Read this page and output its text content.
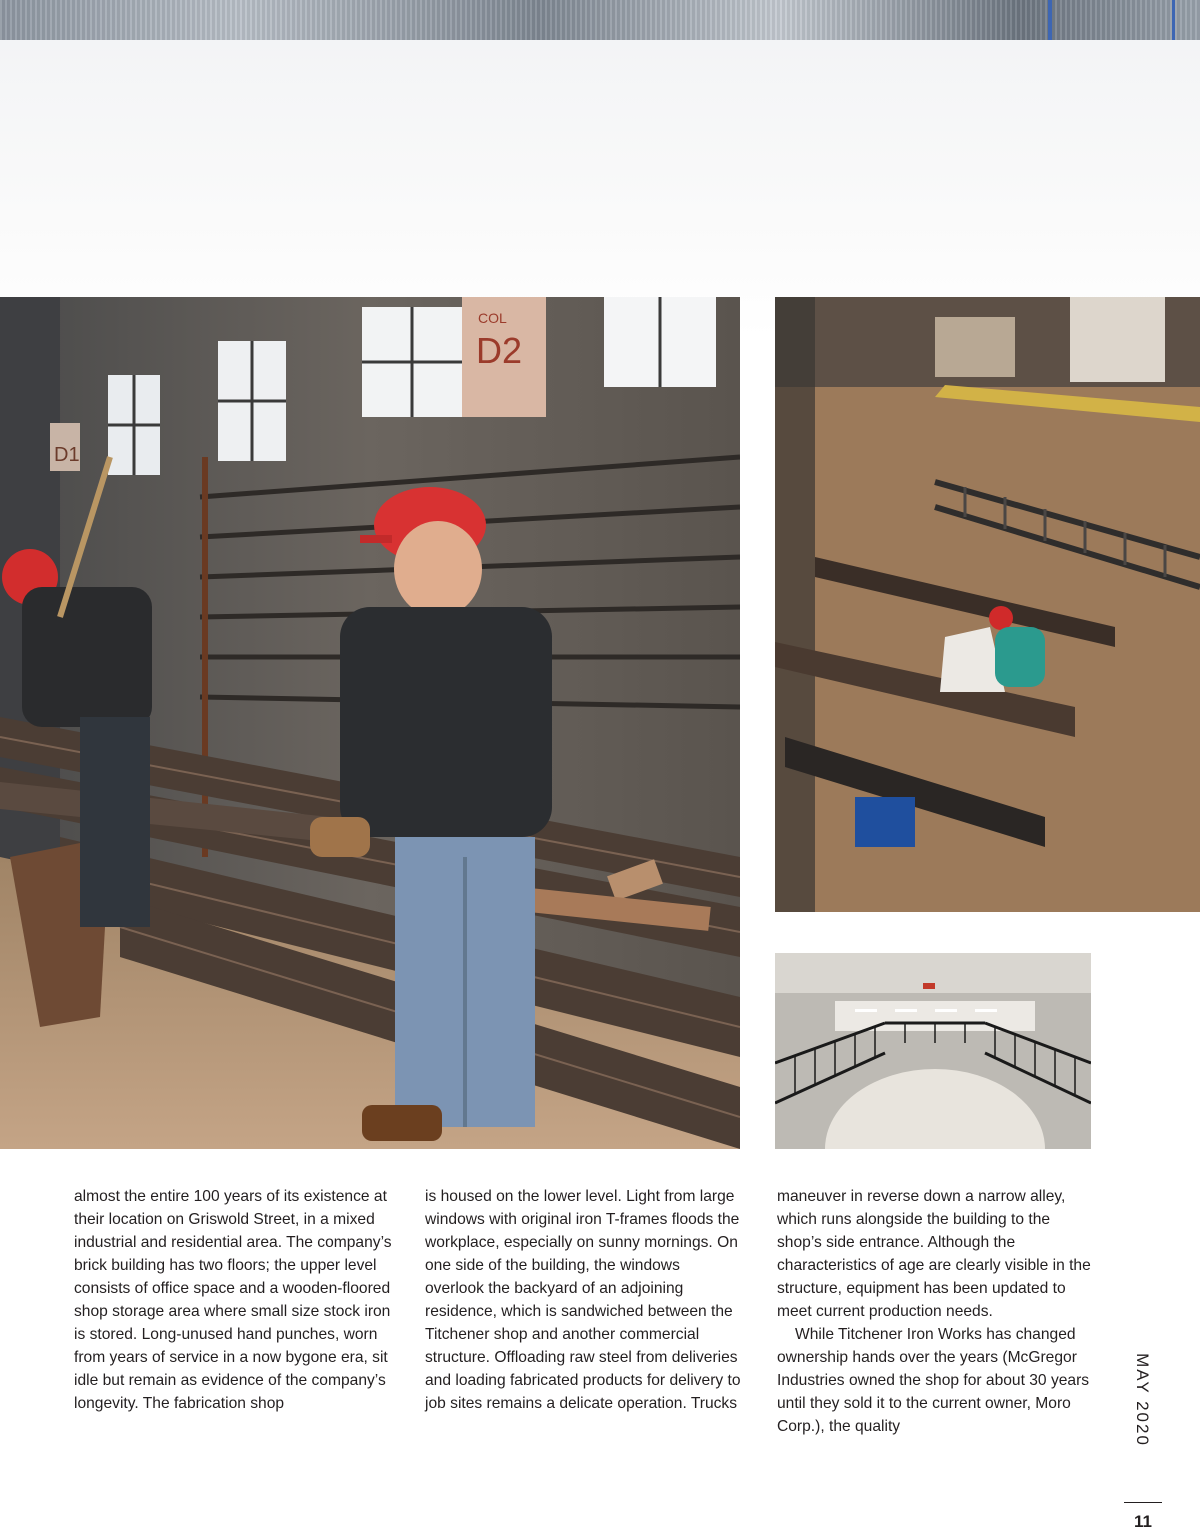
COL
D2
D1

almost the entire 100 years of its existence at their location on Griswold Street, in a mixed industrial and residential area. The company’s brick building has two floors; the upper level consists of office space and a wooden-floored shop storage area where small size stock iron is stored. Long-unused hand punches, worn from years of service in a now bygone era, sit idle but remain as evidence of the company’s longevity. The fabrication shop

is housed on the lower level. Light from large windows with original iron T-frames floods the workplace, especially on sunny mornings. On one side of the building, the windows overlook the backyard of an adjoining residence, which is sandwiched between the Titchener shop and another commercial structure. Offloading raw steel from deliveries and loading fabricated products for delivery to job sites remains a delicate operation. Trucks

maneuver in reverse down a narrow alley, which runs alongside the building to the shop’s side entrance. Although the characteristics of age are clearly visible in the structure, equipment has been updated to meet current production needs.

While Titchener Iron Works has changed ownership hands over the years (McGregor Industries owned the shop for about 30 years until they sold it to the current owner, Moro Corp.), the quality	MAY 2020
11
